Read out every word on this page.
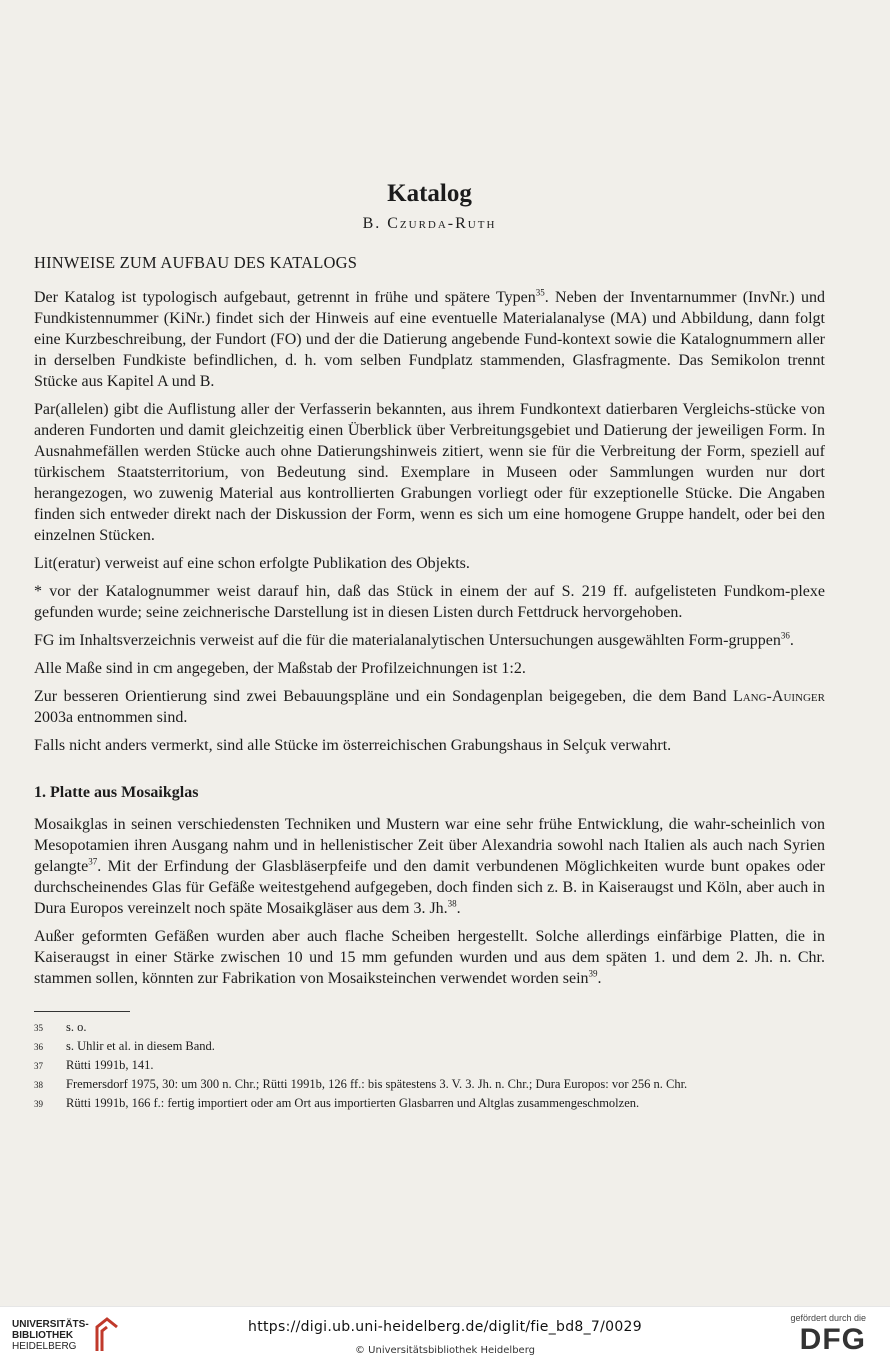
Katalog
B. Czurda-Ruth
HINWEISE ZUM AUFBAU DES KATALOGS

Der Katalog ist typologisch aufgebaut, getrennt in frühe und spätere Typen$^{35}$. Neben der Inventarnummer (InvNr.) und Fundkistennummer (KiNr.) findet sich der Hinweis auf eine eventuelle Materialanalyse (MA) und Abbildung, dann folgt eine Kurzbeschreibung, der Fundort (FO) und der die Datierung angebende Fund-kontext sowie die Katalognummern aller in derselben Fundkiste befindlichen, d. h. vom selben Fundplatz stammenden, Glasfragmente. Das Semikolon trennt Stücke aus Kapitel A und B.

Par(allelen) gibt die Auflistung aller der Verfasserin bekannten, aus ihrem Fundkontext datierbaren Vergleichs-stücke von anderen Fundorten und damit gleichzeitig einen Überblick über Verbreitungsgebiet und Datierung der jeweiligen Form. In Ausnahmefällen werden Stücke auch ohne Datierungshinweis zitiert, wenn sie für die Verbreitung der Form, speziell auf türkischem Staatsterritorium, von Bedeutung sind. Exemplare in Museen oder Sammlungen wurden nur dort herangezogen, wo zuwenig Material aus kontrollierten Grabungen vorliegt oder für exzeptionelle Stücke. Die Angaben finden sich entweder direkt nach der Diskussion der Form, wenn es sich um eine homogene Gruppe handelt, oder bei den einzelnen Stücken.

Lit(eratur) verweist auf eine schon erfolgte Publikation des Objekts.

* vor der Katalognummer weist darauf hin, daß das Stück in einem der auf S. 219 ff. aufgelisteten Fundkom-plexe gefunden wurde; seine zeichnerische Darstellung ist in diesen Listen durch Fettdruck hervorgehoben.

FG im Inhaltsverzeichnis verweist auf die für die materialanalytischen Untersuchungen ausgewählten Form-gruppen$^{36}$.

Alle Maße sind in cm angegeben, der Maßstab der Profilzeichnungen ist 1:2.

Zur besseren Orientierung sind zwei Bebauungspläne und ein Sondagenplan beigegeben, die dem Band Lang-Auinger 2003a entnommen sind.

Falls nicht anders vermerkt, sind alle Stücke im österreichischen Grabungshaus in Selçuk verwahrt.

1. Platte aus Mosaikglas

Mosaikglas in seinen verschiedensten Techniken und Mustern war eine sehr frühe Entwicklung, die wahr-scheinlich von Mesopotamien ihren Ausgang nahm und in hellenistischer Zeit über Alexandria sowohl nach Italien als auch nach Syrien gelangte$^{37}$. Mit der Erfindung der Glasbläserpfeife und den damit verbundenen Möglichkeiten wurde bunt opakes oder durchscheinendes Glas für Gefäße weitestgehend aufgegeben, doch finden sich z. B. in Kaiseraugst und Köln, aber auch in Dura Europos vereinzelt noch späte Mosaikgläser aus dem 3. Jh.$^{38}$.

Außer geformten Gefäßen wurden aber auch flache Scheiben hergestellt. Solche allerdings einfärbige Platten, die in Kaiseraugst in einer Stärke zwischen 10 und 15 mm gefunden wurden und aus dem späten 1. und dem 2. Jh. n. Chr. stammen sollen, könnten zur Fabrikation von Mosaiksteinchen verwendet worden sein$^{39}$.

35	s. o.
36	s. Uhlir et al. in diesem Band.
37	Rütti 1991b, 141.
38	Fremersdorf 1975, 30: um 300 n. Chr.; Rütti 1991b, 126 ff.: bis spätestens 3. V. 3. Jh. n. Chr.; Dura Europos: vor 256 n. Chr.
39	Rütti 1991b, 166 f.: fertig importiert oder am Ort aus importierten Glasbarren und Altglas zusammengeschmolzen.
UNIVERSITÄTS-
BIBLIOTHEK
HEIDELBERG
https://digi.ub.uni-heidelberg.de/diglit/fie_bd8_7/0029
© Universitätsbibliothek Heidelberg
gefördert durch die
DFG
